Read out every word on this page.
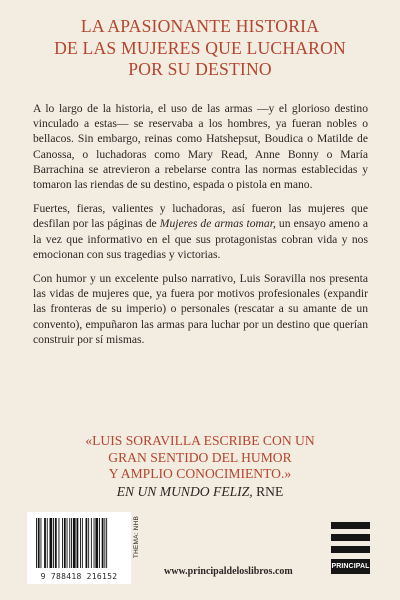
LA APASIONANTE HISTORIA
DE LAS MUJERES QUE LUCHARON
POR SU DESTINO

A lo largo de la historia, el uso de las armas —y el glorioso destino vinculado a estas— se reservaba a los hombres, ya fueran nobles o bellacos. Sin embargo, reinas como Hatshepsut, Boudica o Matilde de Canossa, o luchadoras como Mary Read, Anne Bonny o María Barrachina se atrevieron a rebelarse contra las normas establecidas y tomaron las riendas de su destino, espada o pistola en mano.

Fuertes, fieras, valientes y luchadoras, así fueron las mujeres que desfilan por las páginas de Mujeres de armas tomar, un ensayo ameno a la vez que informativo en el que sus protagonistas cobran vida y nos emocionan con sus tragedias y victorias.

Con humor y un excelente pulso narrativo, Luis Soravilla nos presenta las vidas de mujeres que, ya fuera por motivos profesionales (expandir las fronteras de su imperio) o personales (rescatar a su amante de un convento), empuñaron las armas para luchar por un destino que querían construir por sí mismas.

«LUIS SORAVILLA ESCRIBE CON UN
GRAN SENTIDO DEL HUMOR
Y AMPLIO CONOCIMIENTO.»
EN UN MUNDO FELIZ, RNE
9 788418 216152
THEMA: NHB
www.principaldeloslibros.com	PRINCIPAL
